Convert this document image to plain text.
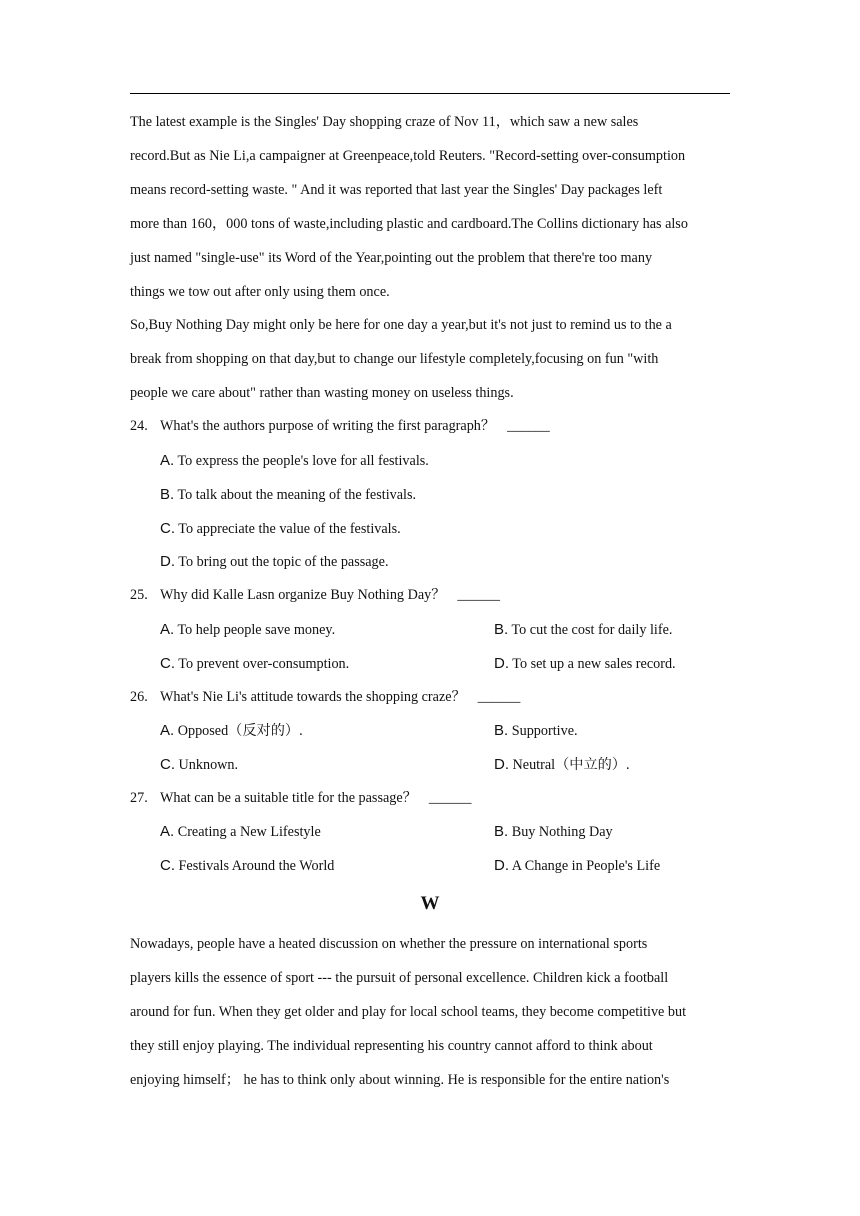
The latest example is the Singles' Day shopping craze of Nov 11，which saw a new sales
record.But as Nie Li,a campaigner at Greenpeace,told Reuters. "Record-setting over-consumption
means record-setting waste. " And it was reported that last year the Singles' Day packages left
more than 160，000 tons of waste,including plastic and cardboard.The Collins dictionary has also
just named "single-use" its Word of the Year,pointing out the problem that there're too many
things we tow out after only using them once.
So,Buy Nothing Day might only be here for one day a year,but it's not just to remind us to the a
break from shopping on that day,but to change our lifestyle completely,focusing on fun "with
people we care about" rather than wasting money on useless things.
24. What's the authors purpose of writing the first paragraph？ ______
A. To express the people's love for all festivals.
B. To talk about the meaning of the festivals.
C. To appreciate the value of the festivals.
D. To bring out the topic of the passage.
25. Why did Kalle Lasn organize Buy Nothing Day？ ______
A. To help people save money.	B. To cut the cost for daily life.
C. To prevent over-consumption.	D. To set up a new sales record.
26. What's Nie Li's attitude towards the shopping craze？ ______
A. Opposed（反对的）.	B. Supportive.
C. Unknown.	D. Neutral（中立的）.
27. What can be a suitable title for the passage？ ______
A. Creating a New Lifestyle	B. Buy Nothing Day
C. Festivals Around the World	D. A Change in People's Life
W
Nowadays, people have a heated discussion on whether the pressure on international sports
players kills the essence of sport --- the pursuit of personal excellence. Children kick a football
around for fun. When they get older and play for local school teams, they become competitive but
they still enjoy playing. The individual representing his country cannot afford to think about
enjoying himself； he has to think only about winning. He is responsible for the entire nation's
